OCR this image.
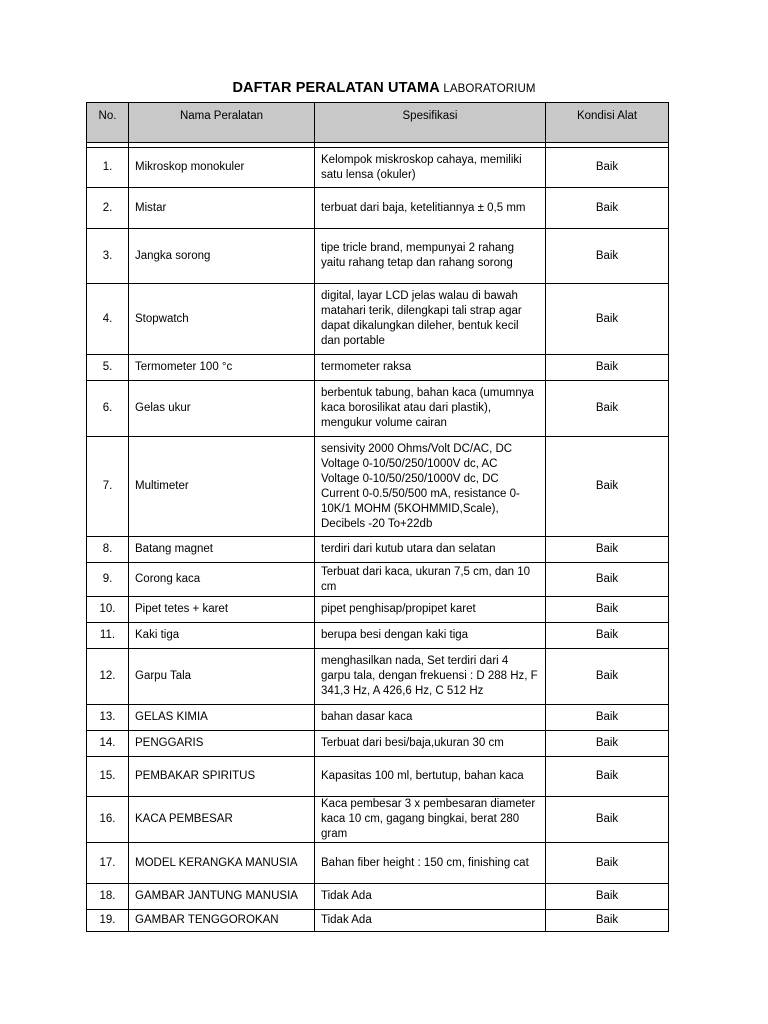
DAFTAR PERALATAN UTAMA LABORATORIUM
No.	Nama Peralatan	Spesifikasi	Kondisi Alat

1.	Mikroskop monokuler	Kelompok miskroskop cahaya, memiliki satu lensa (okuler)	Baik
2.	Mistar	terbuat dari baja, ketelitiannya ± 0,5 mm	Baik
3.	Jangka sorong	tipe tricle brand, mempunyai 2 rahang yaitu rahang tetap dan rahang sorong	Baik
4.	Stopwatch	digital, layar LCD jelas walau di bawah matahari terik, dilengkapi tali strap agar dapat dikalungkan dileher, bentuk kecil dan portable	Baik
5.	Termometer 100 °c	termometer raksa	Baik
6.	Gelas ukur	berbentuk tabung, bahan kaca (umumnya kaca borosilikat atau dari plastik), mengukur volume cairan	Baik
7.	Multimeter	sensivity 2000 Ohms/Volt DC/AC, DC Voltage 0-10/50/250/1000V dc, AC Voltage 0-10/50/250/1000V dc, DC Current 0-0.5/50/500 mA, resistance 0-10K/1 MOHM (5KOHMMID,Scale), Decibels -20 To+22db	Baik
8.	Batang magnet	terdiri dari kutub utara dan selatan	Baik
9.	Corong kaca	Terbuat dari kaca, ukuran 7,5 cm, dan 10 cm	Baik
10.	Pipet tetes + karet	pipet penghisap/propipet karet	Baik
11.	Kaki tiga	berupa besi dengan kaki tiga	Baik
12.	Garpu Tala	menghasilkan nada, Set terdiri dari 4 garpu tala, dengan frekuensi : D 288 Hz, F 341,3 Hz, A 426,6 Hz, C 512 Hz	Baik
13.	GELAS KIMIA	bahan dasar kaca	Baik
14.	PENGGARIS	Terbuat dari besi/baja,ukuran 30 cm	Baik
15.	PEMBAKAR SPIRITUS	Kapasitas 100 ml, bertutup, bahan kaca	Baik
16.	KACA PEMBESAR	Kaca pembesar 3 x pembesaran diameter kaca 10 cm, gagang bingkai, berat 280 gram	Baik
17.	MODEL KERANGKA MANUSIA	Bahan fiber height : 150 cm, finishing cat	Baik
18.	GAMBAR JANTUNG MANUSIA	Tidak Ada	Baik
19.	GAMBAR TENGGOROKAN	Tidak Ada	Baik
